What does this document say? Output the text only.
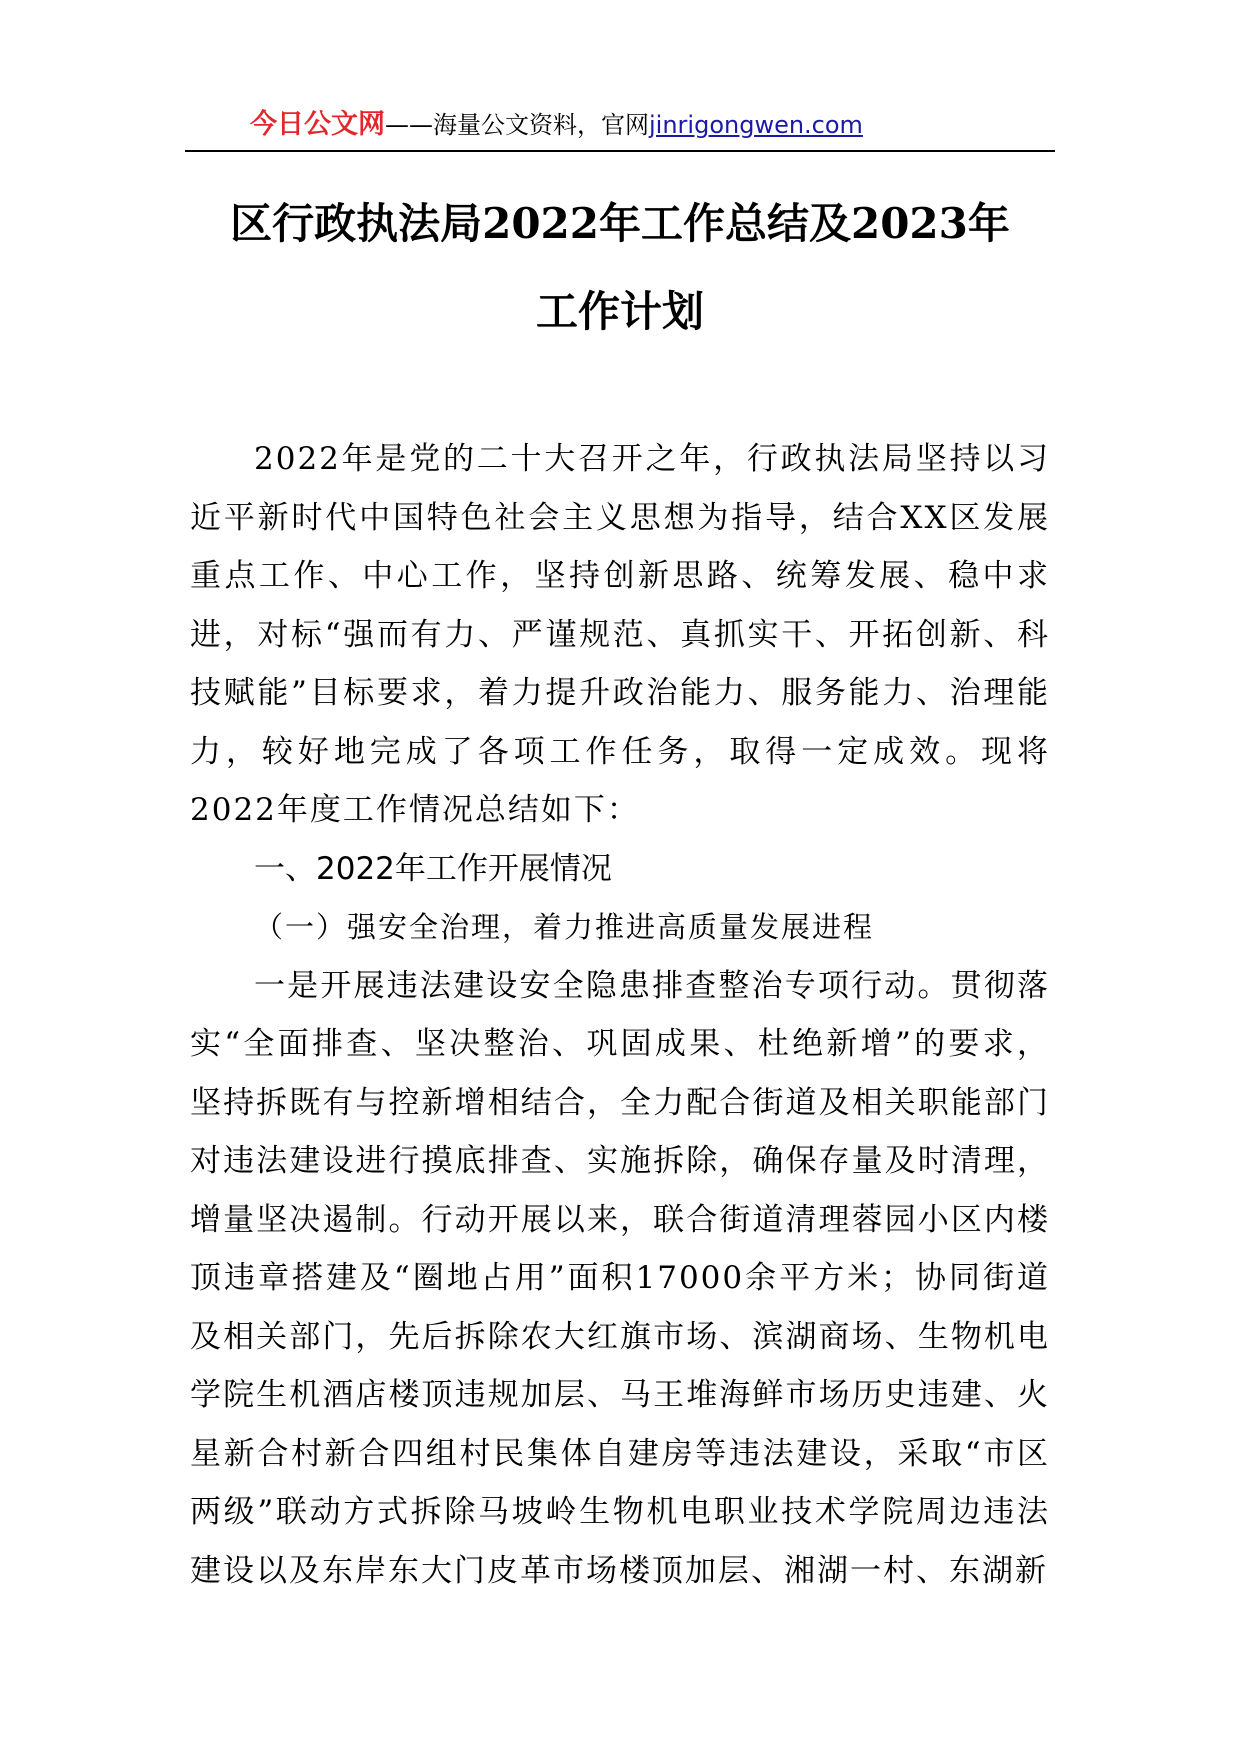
今日公文网——海量公文资料，官网jinrigongwen.com
区行政执法局2022年工作总结及2023年
工作计划

2022年是党的二十大召开之年，行政执法局坚持以习近平新时代中国特色社会主义思想为指导，结合XX区发展重点工作、中心工作，坚持创新思路、统筹发展、稳中求进，对标“强而有力、严谨规范、真抓实干、开拓创新、科技赋能”目标要求，着力提升政治能力、服务能力、治理能力，较好地完成了各项工作任务，取得一定成效。现将2022年度工作情况总结如下：

一、2022年工作开展情况

（一）强安全治理，着力推进高质量发展进程

一是开展违法建设安全隐患排查整治专项行动。贯彻落实“全面排查、坚决整治、巩固成果、杜绝新增”的要求，坚持拆既有与控新增相结合，全力配合街道及相关职能部门对违法建设进行摸底排查、实施拆除，确保存量及时清理，增量坚决遏制。行动开展以来，联合街道清理蓉园小区内楼顶违章搭建及“圈地占用”面积17000余平方米；协同街道及相关部门，先后拆除农大红旗市场、滨湖商场、生物机电学院生机酒店楼顶违规加层、马王堆海鲜市场历史违建、火星新合村新合四组村民集体自建房等违法建设，采取“市区两级”联动方式拆除马坡岭生物机电职业技术学院周边违法建设以及东岸东大门皮革市场楼顶加层、湘湖一村、东湖新
